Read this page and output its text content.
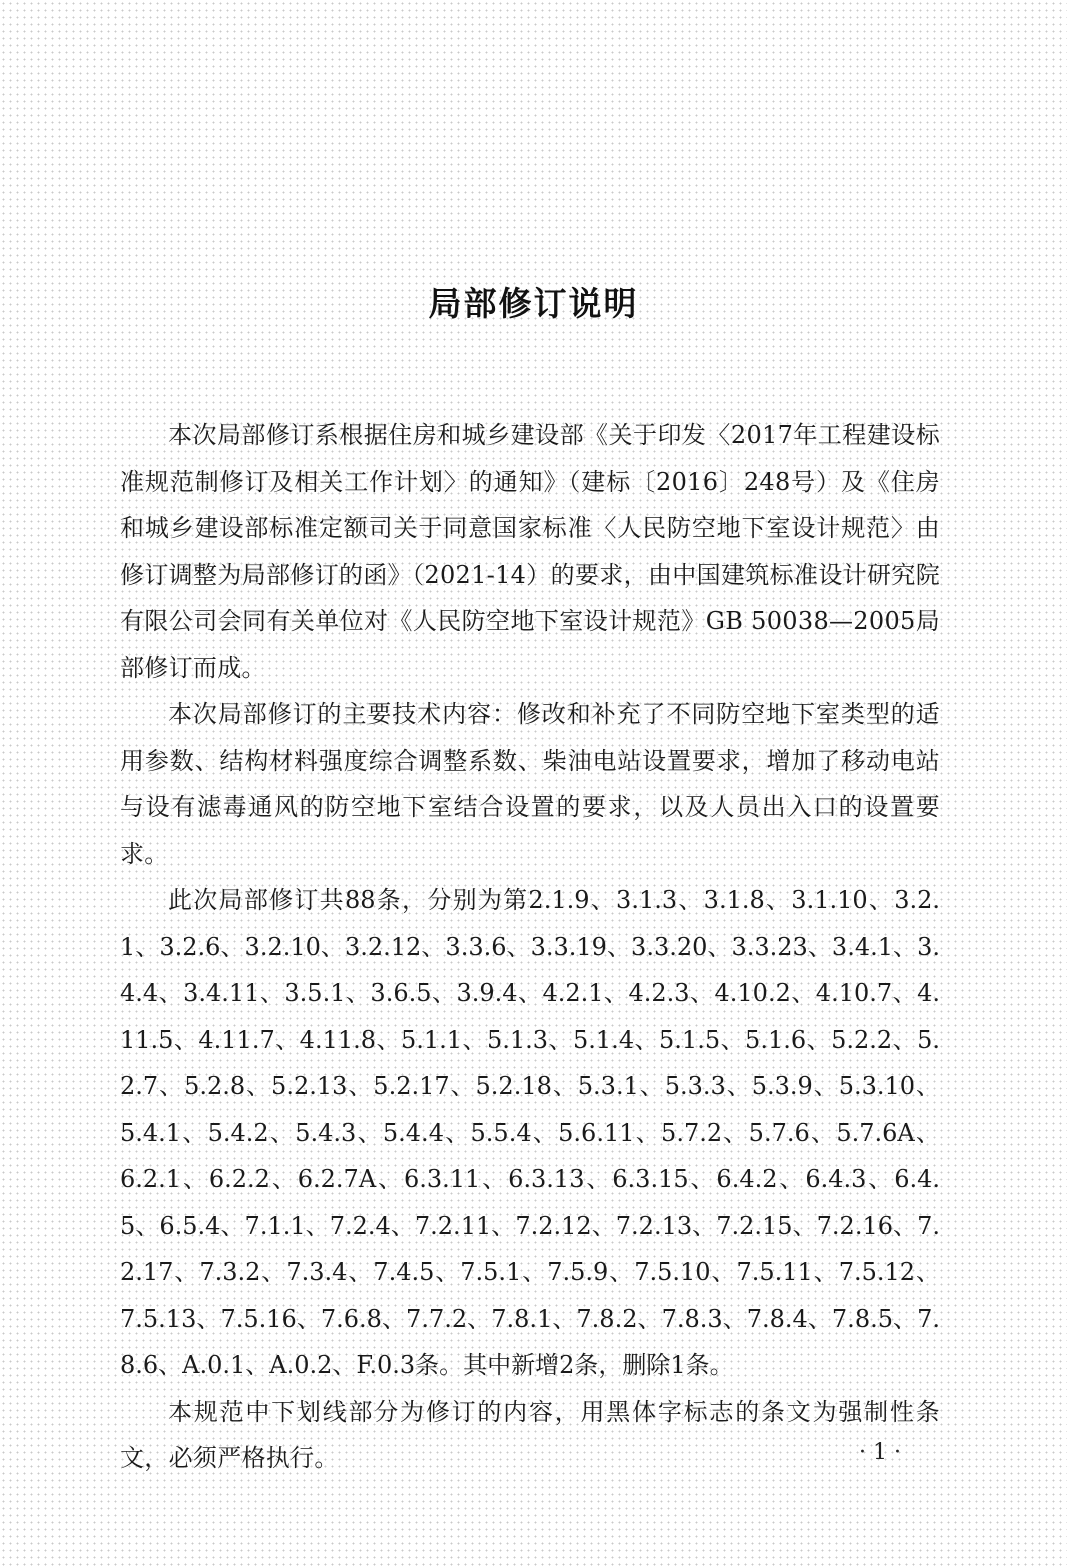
局部修订说明

本次局部修订系根据住房和城乡建设部《关于印发〈2017年工程建设标准规范制修订及相关工作计划〉的通知》（建标〔2016〕248号）及《住房和城乡建设部标准定额司关于同意国家标准〈人民防空地下室设计规范〉由修订调整为局部修订的函》（2021-14）的要求，由中国建筑标准设计研究院有限公司会同有关单位对《人民防空地下室设计规范》GB 50038—2005局部修订而成。

本次局部修订的主要技术内容：修改和补充了不同防空地下室类型的适用参数、结构材料强度综合调整系数、柴油电站设置要求，增加了移动电站与设有滤毒通风的防空地下室结合设置的要求，以及人员出入口的设置要求。

此次局部修订共88条，分别为第2.1.9、3.1.3、3.1.8、3.1.10、3.2.1、3.2.6、3.2.10、3.2.12、3.3.6、3.3.19、3.3.20、3.3.23、3.4.1、3.4.4、3.4.11、3.5.1、3.6.5、3.9.4、4.2.1、4.2.3、4.10.2、4.10.7、4.11.5、4.11.7、4.11.8、5.1.1、5.1.3、5.1.4、5.1.5、5.1.6、5.2.2、5.2.7、5.2.8、5.2.13、5.2.17、5.2.18、5.3.1、5.3.3、5.3.9、5.3.10、5.4.1、5.4.2、5.4.3、5.4.4、5.5.4、5.6.11、5.7.2、5.7.6、5.7.6A、6.2.1、6.2.2、6.2.7A、6.3.11、6.3.13、6.3.15、6.4.2、6.4.3、6.4.5、6.5.4、7.1.1、7.2.4、7.2.11、7.2.12、7.2.13、7.2.15、7.2.16、7.2.17、7.3.2、7.3.4、7.4.5、7.5.1、7.5.9、7.5.10、7.5.11、7.5.12、7.5.13、7.5.16、7.6.8、7.7.2、7.8.1、7.8.2、7.8.3、7.8.4、7.8.5、7.8.6、A.0.1、A.0.2、F.0.3条。其中新增2条，删除1条。

本规范中下划线部分为修订的内容，用黑体字标志的条文为强制性条文，必须严格执行。	· 1 ·
